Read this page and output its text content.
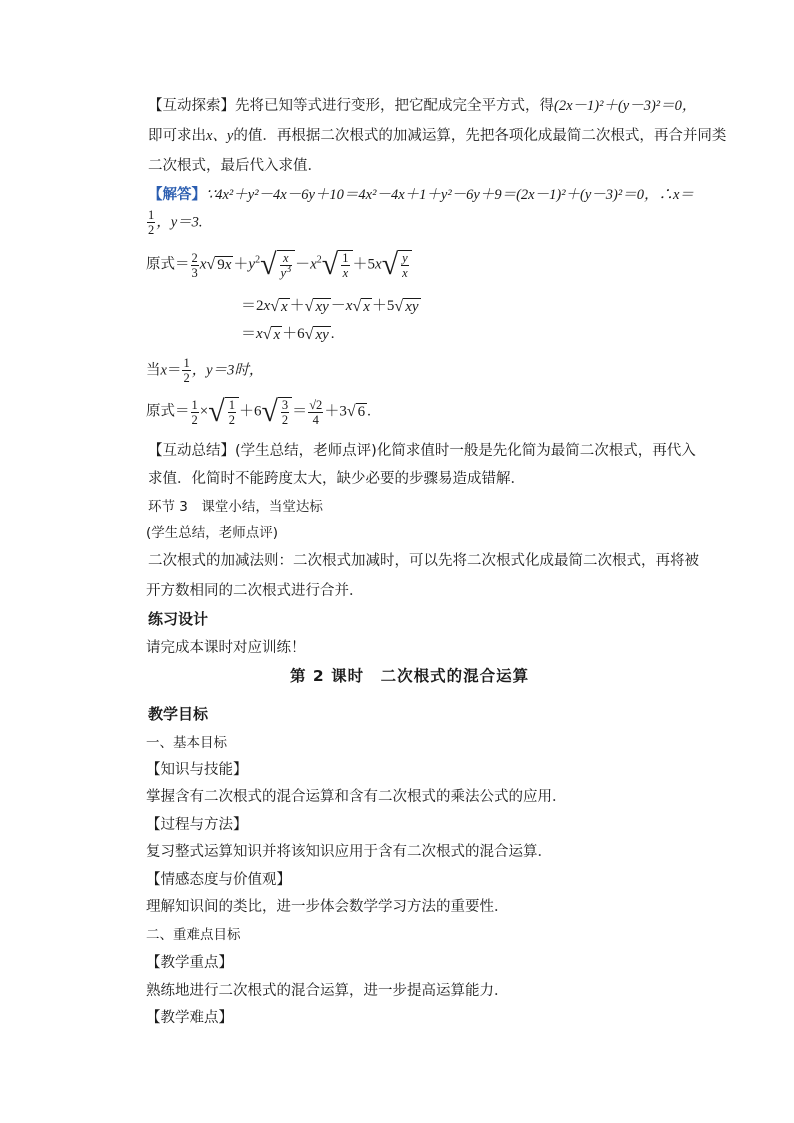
【互动探索】先将已知等式进行变形，把它配成完全平方式，得(2x－1)²＋(y－3)²＝0，
即可求出x、y的值．再根据二次根式的加减运算，先把各项化成最简二次根式，再合并同类
二次根式，最后代入求值．
【解答】∵4x²＋y²－4x－6y＋10＝4x²－4x＋1＋y²－6y＋9＝(2x－1)²＋(y－3)²＝0，∴x＝
$\frac{1}{2}$ ，y＝3.
原式＝ $\frac{2}{3} x√$ $9x +y^2√ \frac{x}{y^3} -x^2√ \frac{1}{x} +5x√ \frac{y}{x}$
＝2x√ x ＋√ xy －x√ x ＋5√ xy
＝x√ x ＋6√ xy .
当$x= \frac{1}{2}$ ，y＝3时，
原式＝ $\frac{1}{2}$ ×√ $\frac{1}{2} +6√ \frac{3}{2} = \frac{√2}{4} +3√$ 6 .
【互动总结】(学生总结，老师点评)化简求值时一般是先化简为最简二次根式，再代入
求值．化简时不能跨度太大，缺少必要的步骤易造成错解．
环节 3　课堂小结，当堂达标
(学生总结，老师点评)
二次根式的加减法则：二次根式加减时，可以先将二次根式化成最简二次根式，再将被
开方数相同的二次根式进行合并．
练习设计
请完成本课时对应训练！
第 2 课时　二次根式的混合运算
教学目标
一、基本目标
【知识与技能】
掌握含有二次根式的混合运算和含有二次根式的乘法公式的应用．
【过程与方法】
复习整式运算知识并将该知识应用于含有二次根式的混合运算．
【情感态度与价值观】
理解知识间的类比，进一步体会数学学习方法的重要性．
二、重难点目标
【教学重点】
熟练地进行二次根式的混合运算，进一步提高运算能力．
【教学难点】
